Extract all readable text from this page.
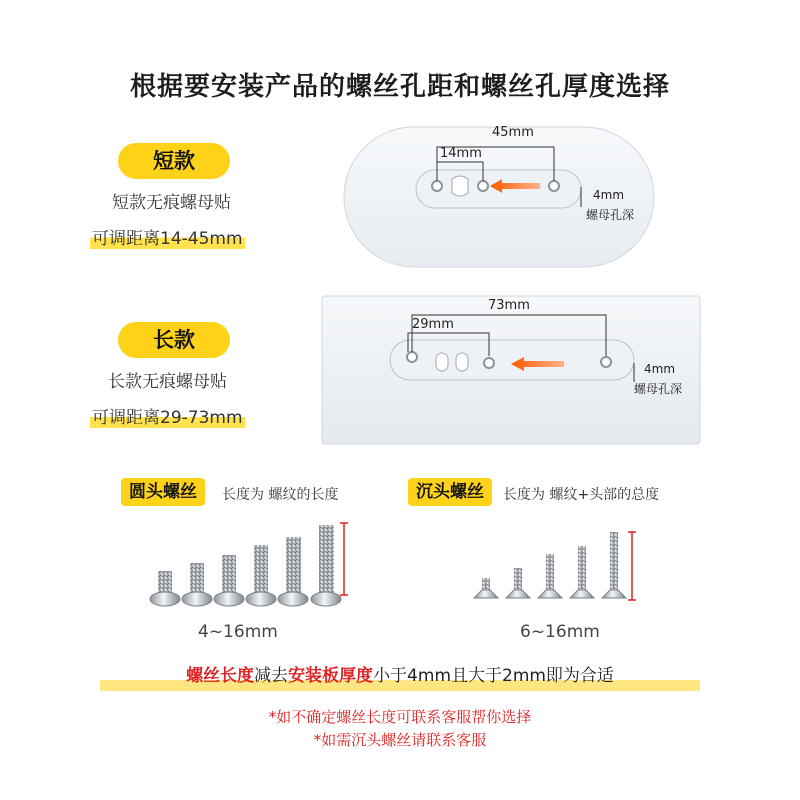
根据要安装产品的螺丝孔距和螺丝孔厚度选择
短款
短款无痕螺母贴
可调距离14-45mm
45mm
14mm
4mm
螺母孔深
长款
长款无痕螺母贴
可调距离29-73mm
73mm
29mm
4mm
螺母孔深
圆头螺丝	长度为 螺纹的长度	沉头螺丝	长度为 螺纹+头部的总度
4~16mm	6~16mm
螺丝长度减去安装板厚度小于4mm且大于2mm即为合适
*如不确定螺丝长度可联系客服帮你选择
*如需沉头螺丝请联系客服
